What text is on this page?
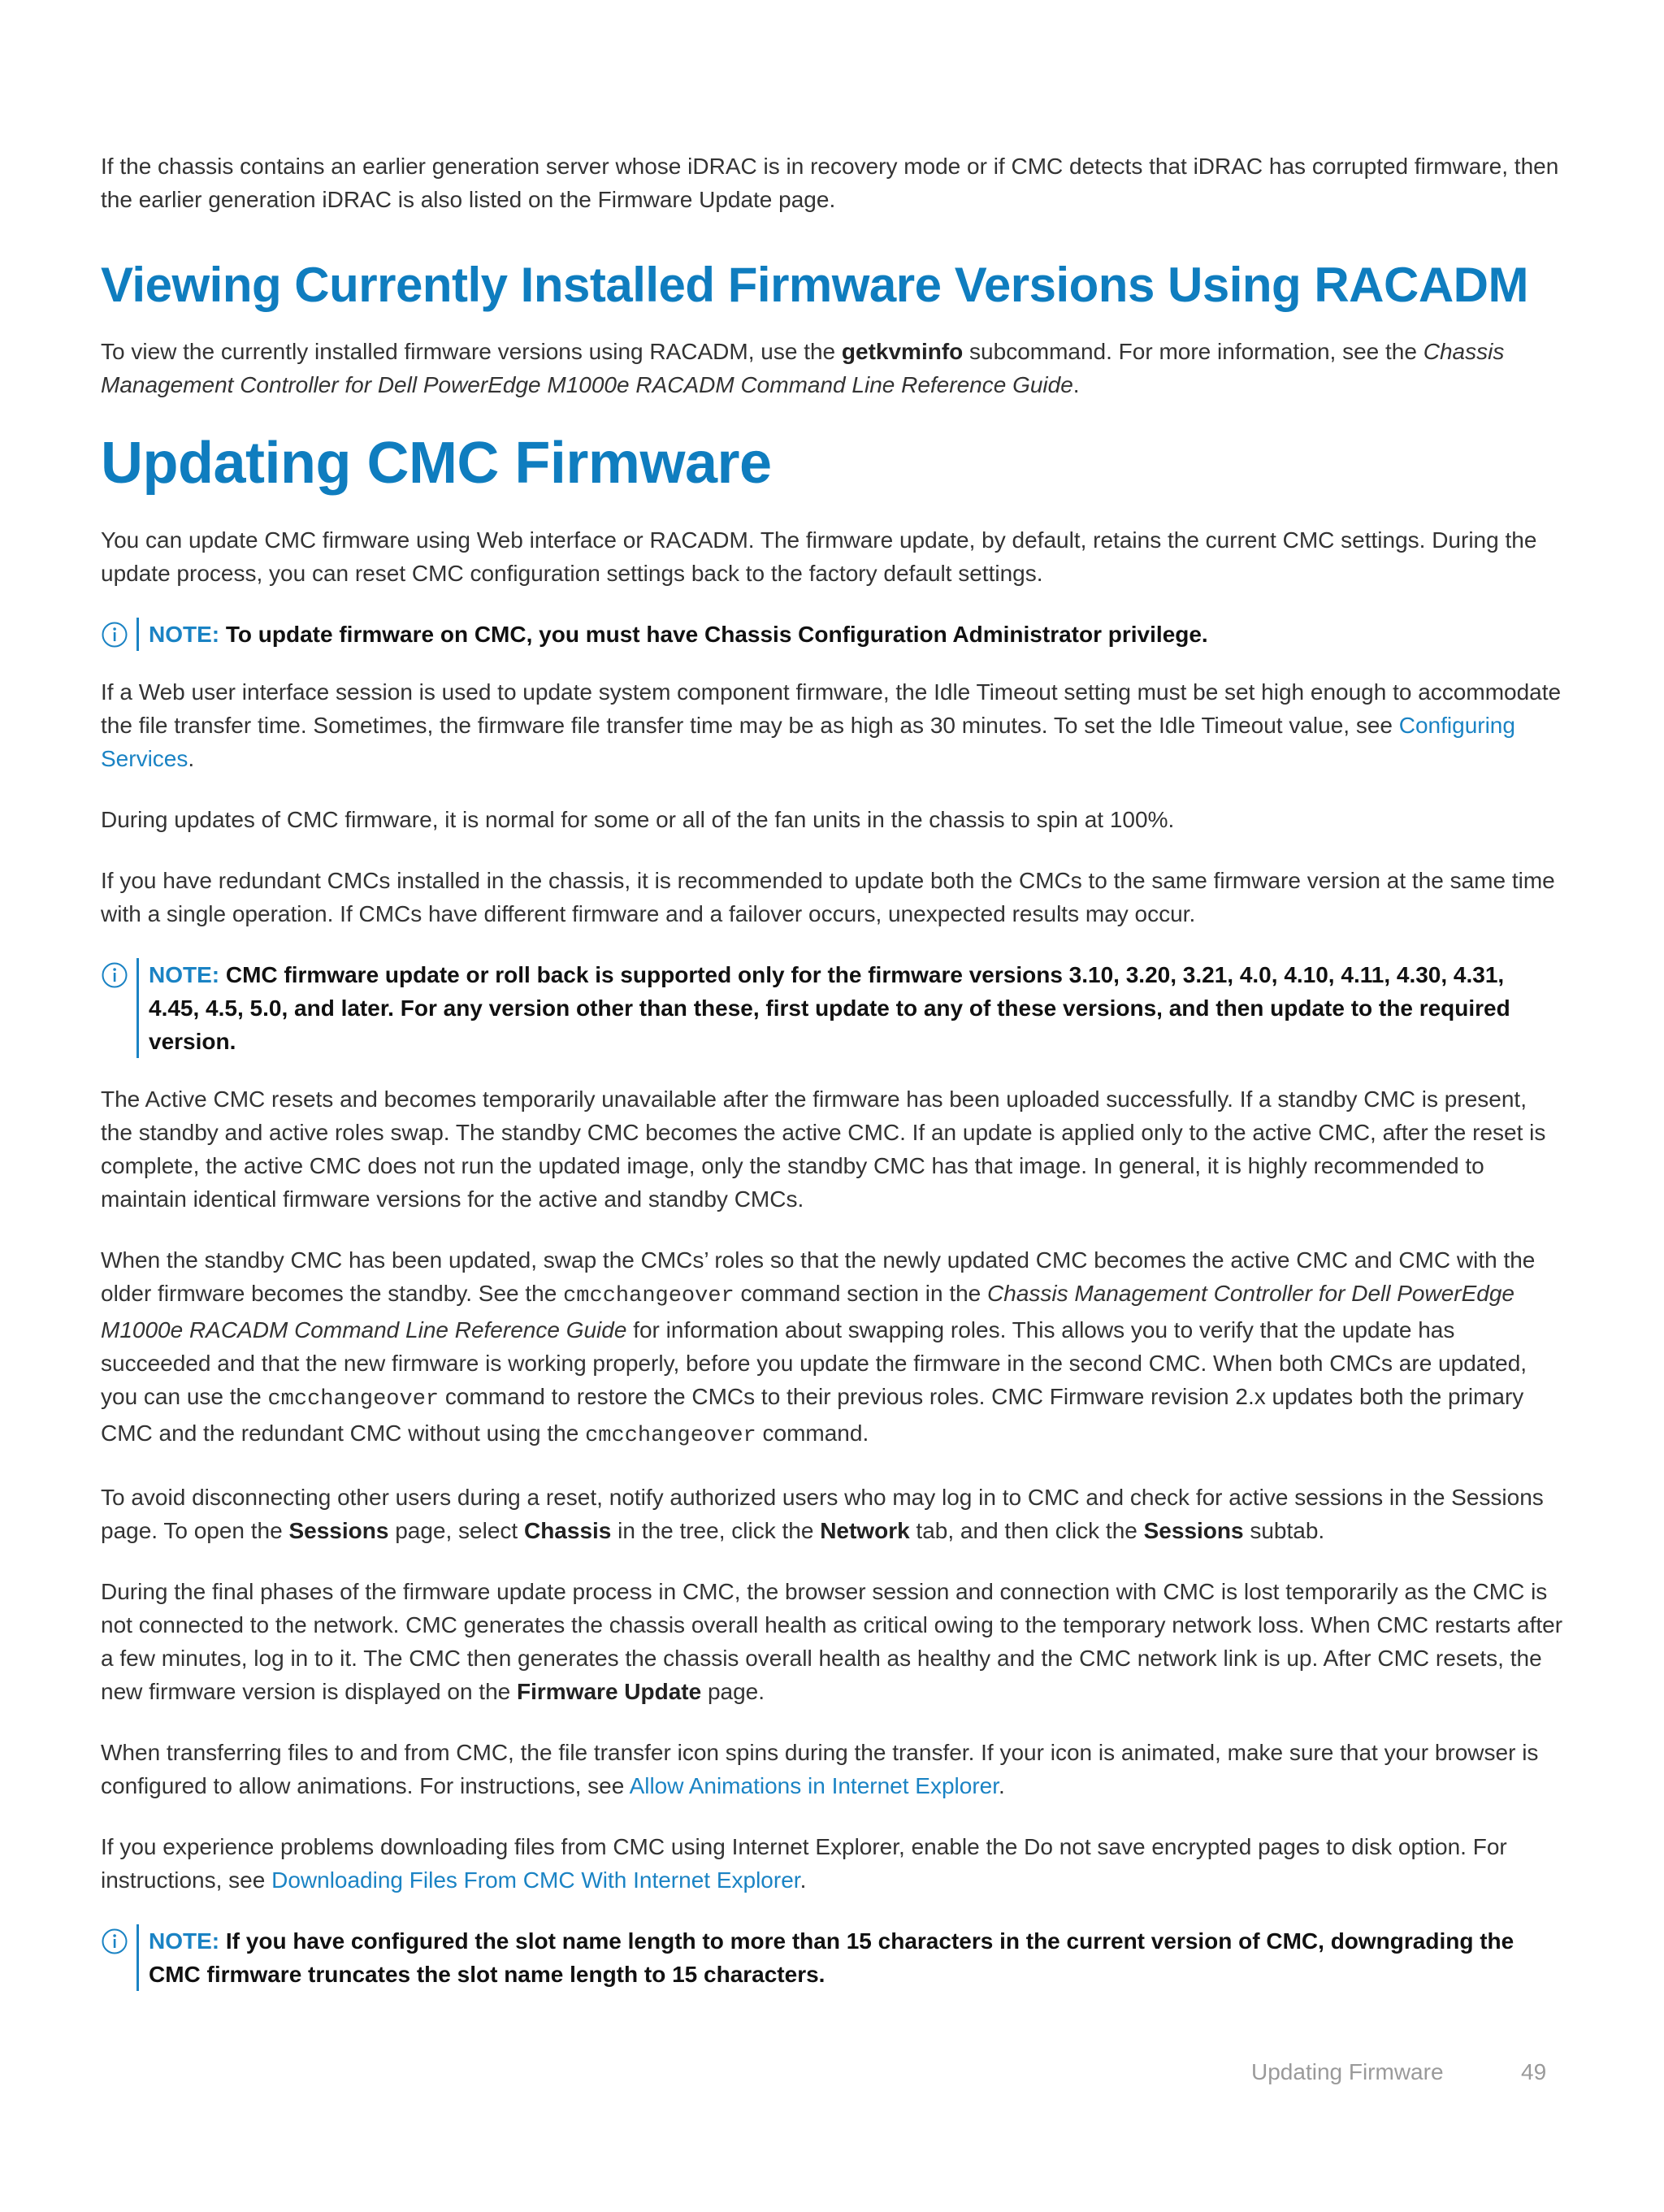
If the chassis contains an earlier generation server whose iDRAC is in recovery mode or if CMC detects that iDRAC has corrupted firmware, then the earlier generation iDRAC is also listed on the Firmware Update page.

Viewing Currently Installed Firmware Versions Using RACADM

To view the currently installed firmware versions using RACADM, use the getkvminfo subcommand. For more information, see the Chassis Management Controller for Dell PowerEdge M1000e RACADM Command Line Reference Guide.

Updating CMC Firmware

You can update CMC firmware using Web interface or RACADM. The firmware update, by default, retains the current CMC settings. During the update process, you can reset CMC configuration settings back to the factory default settings.

NOTE: To update firmware on CMC, you must have Chassis Configuration Administrator privilege.

If a Web user interface session is used to update system component firmware, the Idle Timeout setting must be set high enough to accommodate the file transfer time. Sometimes, the firmware file transfer time may be as high as 30 minutes. To set the Idle Timeout value, see Configuring Services.

During updates of CMC firmware, it is normal for some or all of the fan units in the chassis to spin at 100%.

If you have redundant CMCs installed in the chassis, it is recommended to update both the CMCs to the same firmware version at the same time with a single operation. If CMCs have different firmware and a failover occurs, unexpected results may occur.

NOTE: CMC firmware update or roll back is supported only for the firmware versions 3.10, 3.20, 3.21, 4.0, 4.10, 4.11, 4.30, 4.31, 4.45, 4.5, 5.0, and later. For any version other than these, first update to any of these versions, and then update to the required version.

The Active CMC resets and becomes temporarily unavailable after the firmware has been uploaded successfully. If a standby CMC is present, the standby and active roles swap. The standby CMC becomes the active CMC. If an update is applied only to the active CMC, after the reset is complete, the active CMC does not run the updated image, only the standby CMC has that image. In general, it is highly recommended to maintain identical firmware versions for the active and standby CMCs.

When the standby CMC has been updated, swap the CMCs’ roles so that the newly updated CMC becomes the active CMC and CMC with the older firmware becomes the standby. See the cmcchangeover command section in the Chassis Management Controller for Dell PowerEdge M1000e RACADM Command Line Reference Guide for information about swapping roles. This allows you to verify that the update has succeeded and that the new firmware is working properly, before you update the firmware in the second CMC. When both CMCs are updated, you can use the cmcchangeover command to restore the CMCs to their previous roles. CMC Firmware revision 2.x updates both the primary CMC and the redundant CMC without using the cmcchangeover command.

To avoid disconnecting other users during a reset, notify authorized users who may log in to CMC and check for active sessions in the Sessions page. To open the Sessions page, select Chassis in the tree, click the Network tab, and then click the Sessions subtab.

During the final phases of the firmware update process in CMC, the browser session and connection with CMC is lost temporarily as the CMC is not connected to the network. CMC generates the chassis overall health as critical owing to the temporary network loss. When CMC restarts after a few minutes, log in to it. The CMC then generates the chassis overall health as healthy and the CMC network link is up. After CMC resets, the new firmware version is displayed on the Firmware Update page.

When transferring files to and from CMC, the file transfer icon spins during the transfer. If your icon is animated, make sure that your browser is configured to allow animations. For instructions, see Allow Animations in Internet Explorer.

If you experience problems downloading files from CMC using Internet Explorer, enable the Do not save encrypted pages to disk option. For instructions, see Downloading Files From CMC With Internet Explorer.

NOTE: If you have configured the slot name length to more than 15 characters in the current version of CMC, downgrading the CMC firmware truncates the slot name length to 15 characters.
Updating Firmware	49
